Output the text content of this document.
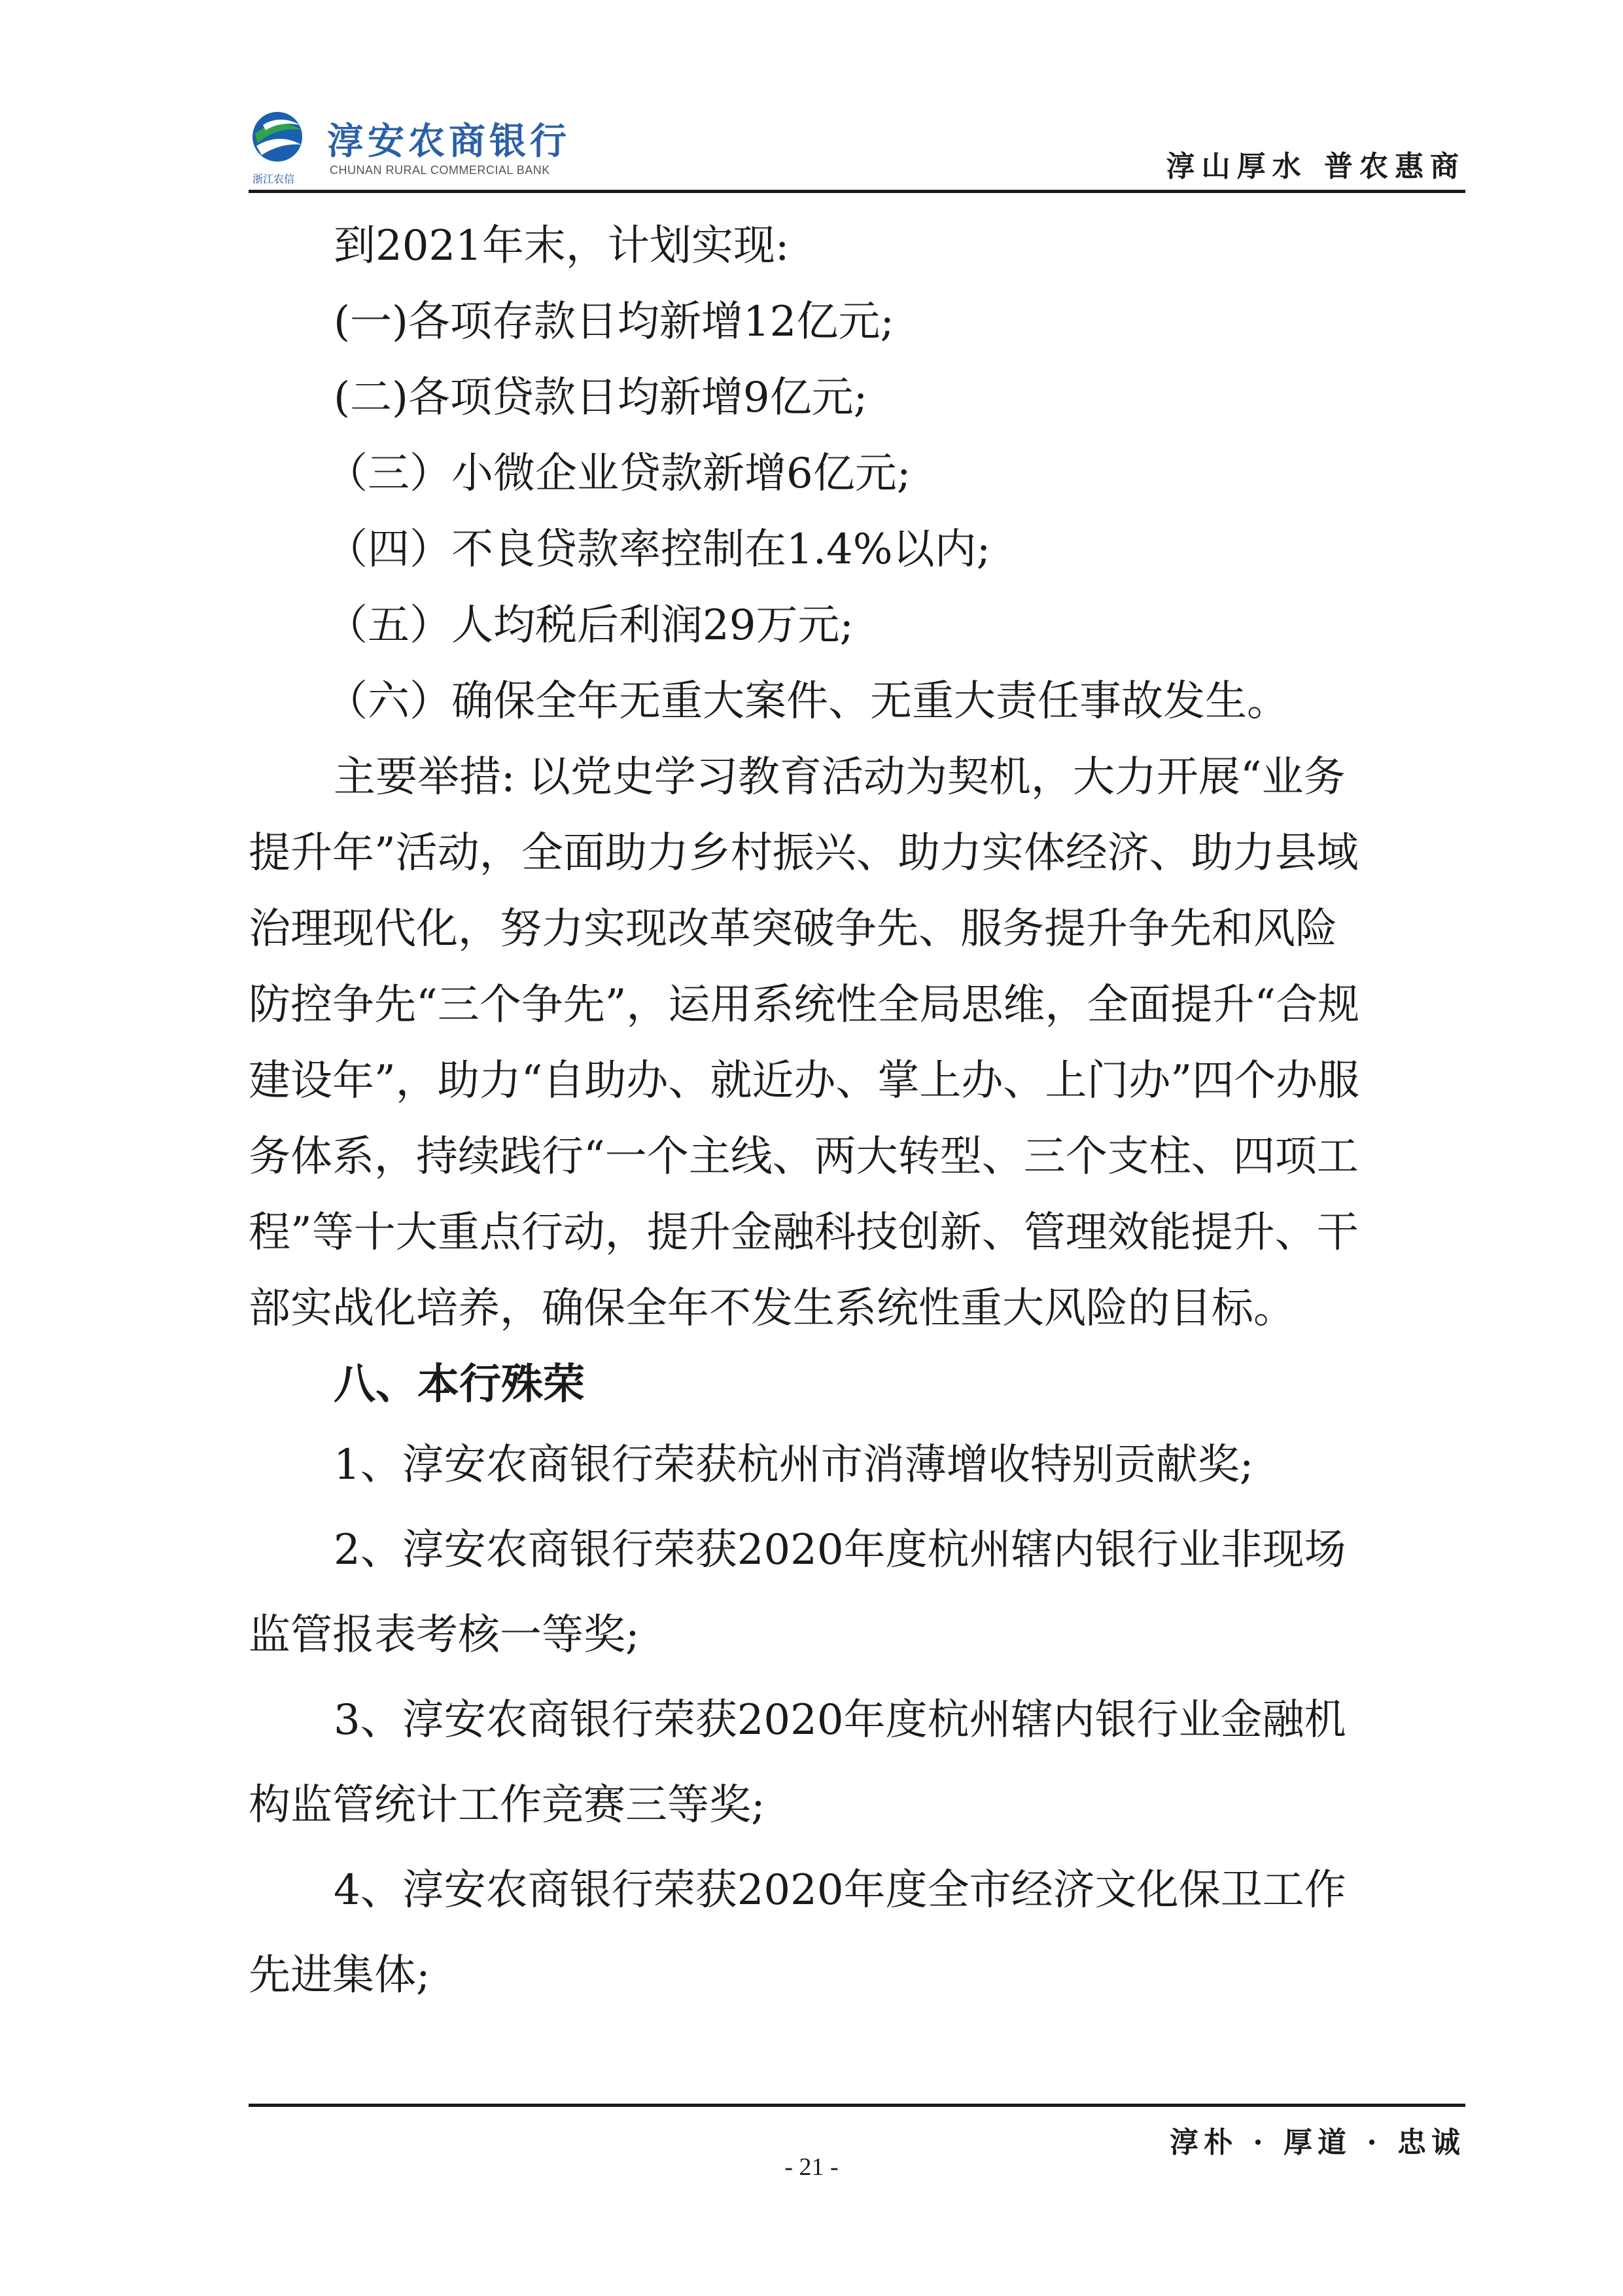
浙江农信
淳安农商银行
CHUNAN RURAL COMMERCIAL BANK	淳山厚水 普农惠商

到2021年末，计划实现:

(一)各项存款日均新增12亿元;

(二)各项贷款日均新增9亿元;

（三）小微企业贷款新增6亿元;

（四）不良贷款率控制在1.4%以内;

（五）人均税后利润29万元;

（六）确保全年无重大案件、无重大责任事故发生。

主要举措: 以党史学习教育活动为契机，大力开展“业务提升年”活动，全面助力乡村振兴、助力实体经济、助力县域治理现代化，努力实现改革突破争先、服务提升争先和风险防控争先“三个争先”，运用系统性全局思维，全面提升“合规建设年”，助力“自助办、就近办、掌上办、上门办”四个办服务体系，持续践行“一个主线、两大转型、三个支柱、四项工程”等十大重点行动，提升金融科技创新、管理效能提升、干部实战化培养，确保全年不发生系统性重大风险的目标。

八、本行殊荣

1、淳安农商银行荣获杭州市消薄增收特别贡献奖;

2、淳安农商银行荣获2020年度杭州辖内银行业非现场监管报表考核一等奖;

3、淳安农商银行荣获2020年度杭州辖内银行业金融机构监管统计工作竞赛三等奖;

4、淳安农商银行荣获2020年度全市经济文化保卫工作先进集体;

淳朴 · 厚道 · 忠诚
- 21 -
